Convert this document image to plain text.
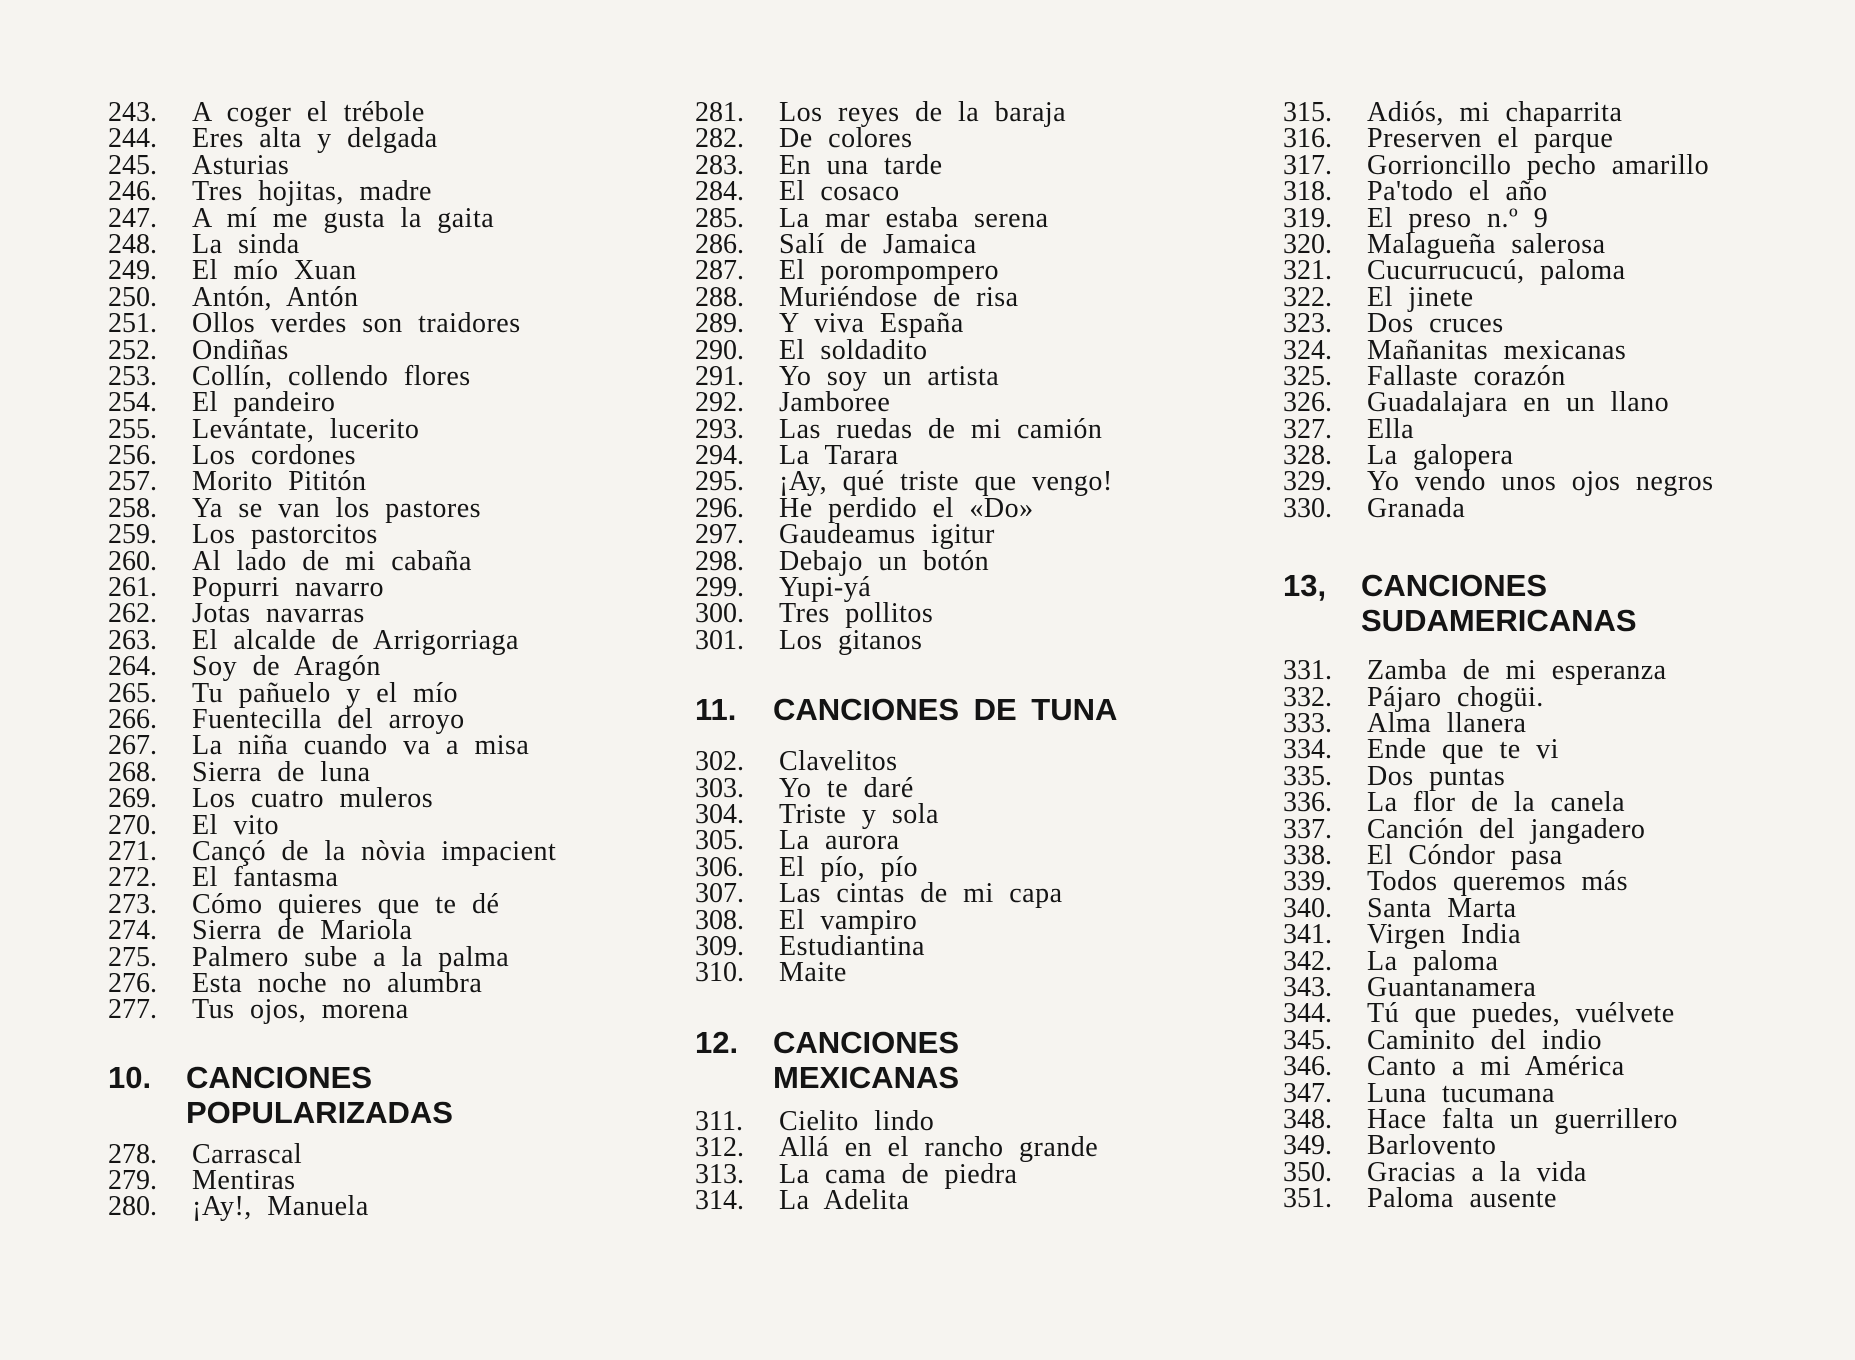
243.	A coger el trébole
244.	Eres alta y delgada
245.	Asturias
246.	Tres hojitas, madre
247.	A mí me gusta la gaita
248.	La sinda
249.	El mío Xuan
250.	Antón, Antón
251.	Ollos verdes son traidores
252.	Ondiñas
253.	Collín, collendo flores
254.	El pandeiro
255.	Levántate, lucerito
256.	Los cordones
257.	Morito Pititón
258.	Ya se van los pastores
259.	Los pastorcitos
260.	Al lado de mi cabaña
261.	Popurri navarro
262.	Jotas navarras
263.	El alcalde de Arrigorriaga
264.	Soy de Aragón
265.	Tu pañuelo y el mío
266.	Fuentecilla del arroyo
267.	La niña cuando va a misa
268.	Sierra de luna
269.	Los cuatro muleros
270.	El vito
271.	Cançó de la nòvia impacient
272.	El fantasma
273.	Cómo quieres que te dé
274.	Sierra de Mariola
275.	Palmero sube a la palma
276.	Esta noche no alumbra
277.	Tus ojos, morena
10.	CANCIONES
POPULARIZADAS
278.	Carrascal
279.	Mentiras
280.	¡Ay!, Manuela
281.	Los reyes de la baraja
282.	De colores
283.	En una tarde
284.	El cosaco
285.	La mar estaba serena
286.	Salí de Jamaica
287.	El porompompero
288.	Muriéndose de risa
289.	Y viva España
290.	El soldadito
291.	Yo soy un artista
292.	Jamboree
293.	Las ruedas de mi camión
294.	La Tarara
295.	¡Ay, qué triste que vengo!
296.	He perdido el «Do»
297.	Gaudeamus igitur
298.	Debajo un botón
299.	Yupi-yá
300.	Tres pollitos
301.	Los gitanos
11.	CANCIONES DE TUNA
302.	Clavelitos
303.	Yo te daré
304.	Triste y sola
305.	La aurora
306.	El pío, pío
307.	Las cintas de mi capa
308.	El vampiro
309.	Estudiantina
310.	Maite
12.	CANCIONES
MEXICANAS
311.	Cielito lindo
312.	Allá en el rancho grande
313.	La cama de piedra
314.	La Adelita
315.	Adiós, mi chaparrita
316.	Preserven el parque
317.	Gorrioncillo pecho amarillo
318.	Pa'todo el año
319.	El preso n.º 9
320.	Malagueña salerosa
321.	Cucurrucucú, paloma
322.	El jinete
323.	Dos cruces
324.	Mañanitas mexicanas
325.	Fallaste corazón
326.	Guadalajara en un llano
327.	Ella
328.	La galopera
329.	Yo vendo unos ojos negros
330.	Granada
13,	CANCIONES
SUDAMERICANAS
331.	Zamba de mi esperanza
332.	Pájaro chogüi.
333.	Alma llanera
334.	Ende que te vi
335.	Dos puntas
336.	La flor de la canela
337.	Canción del jangadero
338.	El Cóndor pasa
339.	Todos queremos más
340.	Santa Marta
341.	Virgen India
342.	La paloma
343.	Guantanamera
344.	Tú que puedes, vuélvete
345.	Caminito del indio
346.	Canto a mi América
347.	Luna tucumana
348.	Hace falta un guerrillero
349.	Barlovento
350.	Gracias a la vida
351.	Paloma ausente
